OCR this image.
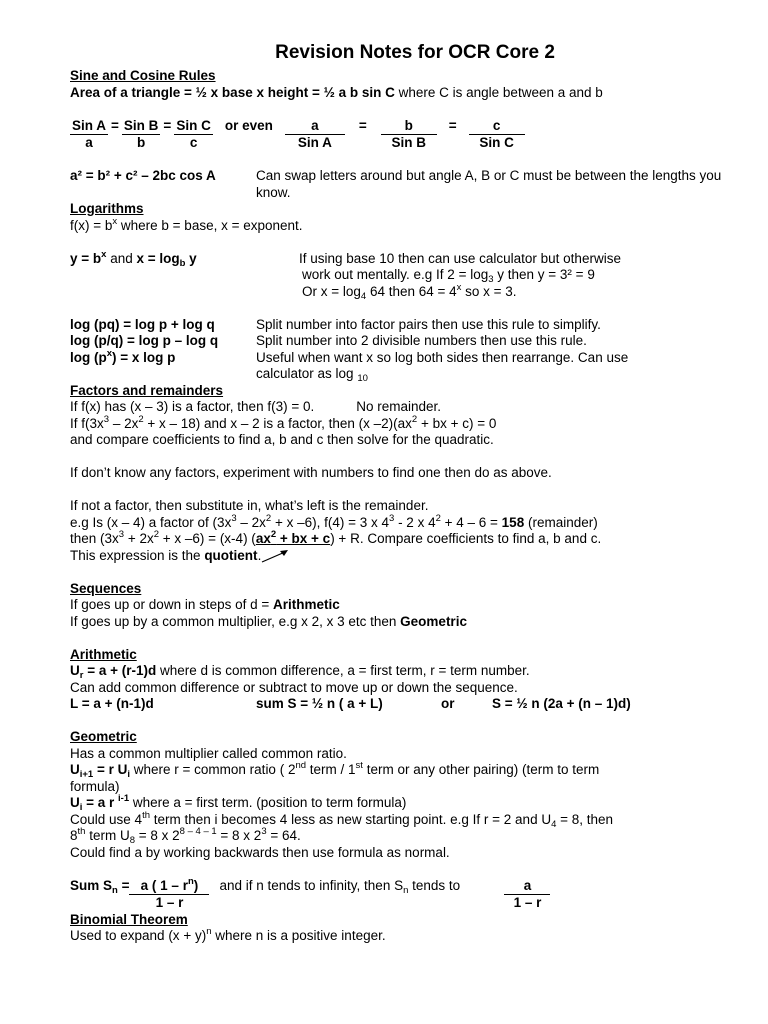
Revision Notes for OCR Core 2
Sine and Cosine Rules
Area of a triangle = ½ x base x height = ½ a b sin C where C is angle between a and b
$\frac{\text{Sin A}}{a} = \frac{\text{Sin B}}{b} = \frac{\text{Sin C}}{c}$ or even $\frac{a}{\text{Sin A}}$	=	$\frac{b}{\text{Sin B}} = \frac{c}{\text{Sin C}}$
a² = b² + c² – 2bc cos A	Can swap letters around but angle A, B or C must be between the lengths you know.
Logarithms
$f(x) = b^x$ where b = base, x = exponent.
$y = b^x$ and $x = \log_b y$	If using base 10 then can use calculator but otherwise
work out mentally. e.g If $2 = \log_3 y$ then y = 3² = 9
Or $x = \log_4 64$ then $64 = 4^x$ so x = 3.
log (pq) = log p + log q	Split number into factor pairs then use this rule to simplify.
log (p/q) = log p – log q	Split number into 2 divisible numbers then use this rule.
$\log (p^x) = x$ log p	Useful when want x so log both sides then rearrange. Can use
calculator as log $_{10}$
Factors and remainders
If f(x) has (x – 3) is a factor, then f(3) = 0.	No remainder.
If $f(3x^3 - 2x^2 + x - 18)$ and x – 2 is a factor, then (x $-2)(ax^2$ + bx + c) = 0
and compare coefficients to find a, b and c then solve for the quadratic.
If don’t know any factors, experiment with numbers to find one then do as above.
If not a factor, then substitute in, what’s left is the remainder.
e.g Is (x – 4) a factor of ($3x^3 - 2x^2 + x$ –6), f(4) = 3 x $4^3 - 2$ x $4^2 + 4 - 6 = 158$ (remainder)
then ($3x^3 + 2x^2 + x$ –6) = (x-4) ($ax^2$ + bx + c) + R. Compare coefficients to find a, b and c.
This expression is the quotient.
Sequences
If goes up or down in steps of d = Arithmetic
If goes up by a common multiplier, e.g x 2, x 3 etc then Geometric
Arithmetic
$U_r = a + (r-1)d$ where d is common difference, a = first term, r = term number.
Can add common difference or subtract to move up or down the sequence.
L = a + (n-1)d	sum S = ½ n ( a + L)	or	S = ½ n (2a + (n – 1)d)
Geometric
Has a common multiplier called common ratio.
$U_{i+1} = r$ $U_i$ where r = common ratio ( 2nd term / 1st term or any other pairing) (term to term
formula)
$U_i = a$ r $^{i-1}$ where a = first term. (position to term formula)
Could use 4th term then i becomes 4 less as new starting point. e.g If r = 2 and $U_4 = 8$, then
8th term $U_8 = 8$ x $2^{8 - 4 - 1} = 8$ x $2^3 = 64$.
Could find a by working backwards then use formula as normal.
Sum $S_n = \frac{a ( 1 - r^n)}{1 - r}$ and if n tends to infinity, then $S_n$ tends to	$\frac{a}{1 - r}$
Binomial Theorem
Used to expand $(x + y)^n$ where n is a positive integer.
